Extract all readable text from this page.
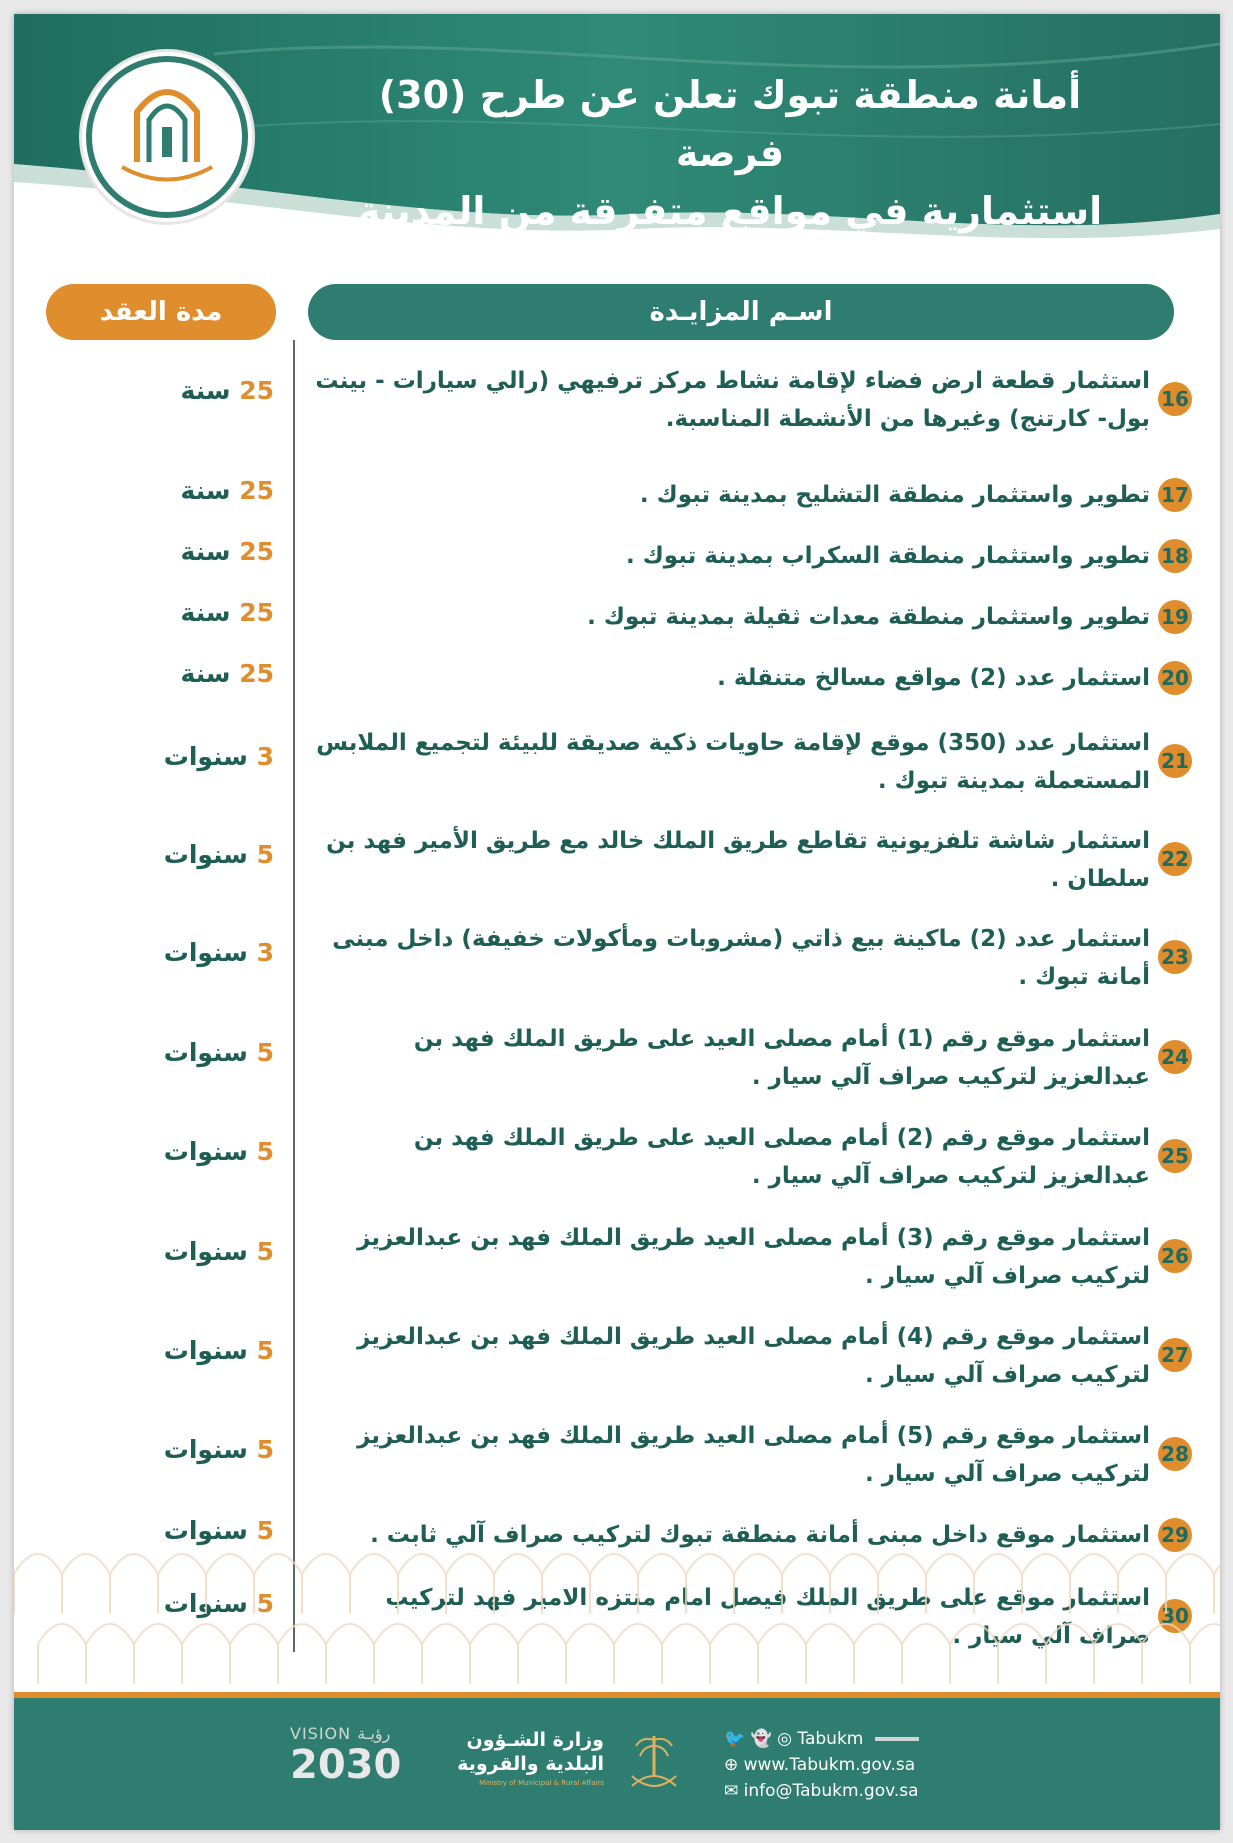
أمانة منطقة تبوك تعلن عن طرح (30) فرصة
استثمارية في مواقع متفرقة من المدينة
اسـم المزايـدة
مدة العقد
16
استثمار قطعة ارض فضاء لإقامة نشاط مركز ترفيهي (رالي سيارات - بينت بول- كارتنج) وغيرها من الأنشطة المناسبة.
25 سنة
17
تطوير واستثمار منطقة التشليح بمدينة تبوك .
25 سنة
18
تطوير واستثمار منطقة السكراب بمدينة تبوك .
25 سنة
19
تطوير واستثمار منطقة معدات ثقيلة بمدينة تبوك .
25 سنة
20
استثمار عدد (2) مواقع مسالخ متنقلة .
25 سنة
21
استثمار عدد (350) موقع لإقامة حاويات ذكية صديقة للبيئة لتجميع الملابس المستعملة بمدينة تبوك .
3 سنوات
22
استثمار شاشة تلفزيونية تقاطع طريق الملك خالد مع طريق الأمير فهد بن سلطان .
5 سنوات
23
استثمار عدد (2) ماكينة بيع ذاتي (مشروبات ومأكولات خفيفة) داخل مبنى أمانة تبوك .
3 سنوات
24
استثمار موقع رقم (1) أمام مصلى العيد على طريق الملك فهد بن عبدالعزيز لتركيب صراف آلي سيار .
5 سنوات
25
استثمار موقع رقم (2) أمام مصلى العيد على طريق الملك فهد بن عبدالعزيز لتركيب صراف آلي سيار .
5 سنوات
26
استثمار موقع رقم (3) أمام مصلى العيد طريق الملك فهد بن عبدالعزيز لتركيب صراف آلي سيار .
5 سنوات
27
استثمار موقع رقم (4) أمام مصلى العيد طريق الملك فهد بن عبدالعزيز لتركيب صراف آلي سيار .
5 سنوات
28
استثمار موقع رقم (5) أمام مصلى العيد طريق الملك فهد بن عبدالعزيز لتركيب صراف آلي سيار .
5 سنوات
29
استثمار موقع داخل مبنى أمانة منطقة تبوك لتركيب صراف آلي ثابت .
5 سنوات
30
استثمار موقع على طريق الملك فيصل امام منتزه الامير فهد لتركيب صراف آلي سيار .
5 سنوات
VISION رؤيـة
2030
وزارة الشـؤون
البلدية والقروية
Ministry of Municipal & Rural Affairs
🐦 👻 ◎ Tabukm
⊕ www.Tabukm.gov.sa
✉ info@Tabukm.gov.sa
